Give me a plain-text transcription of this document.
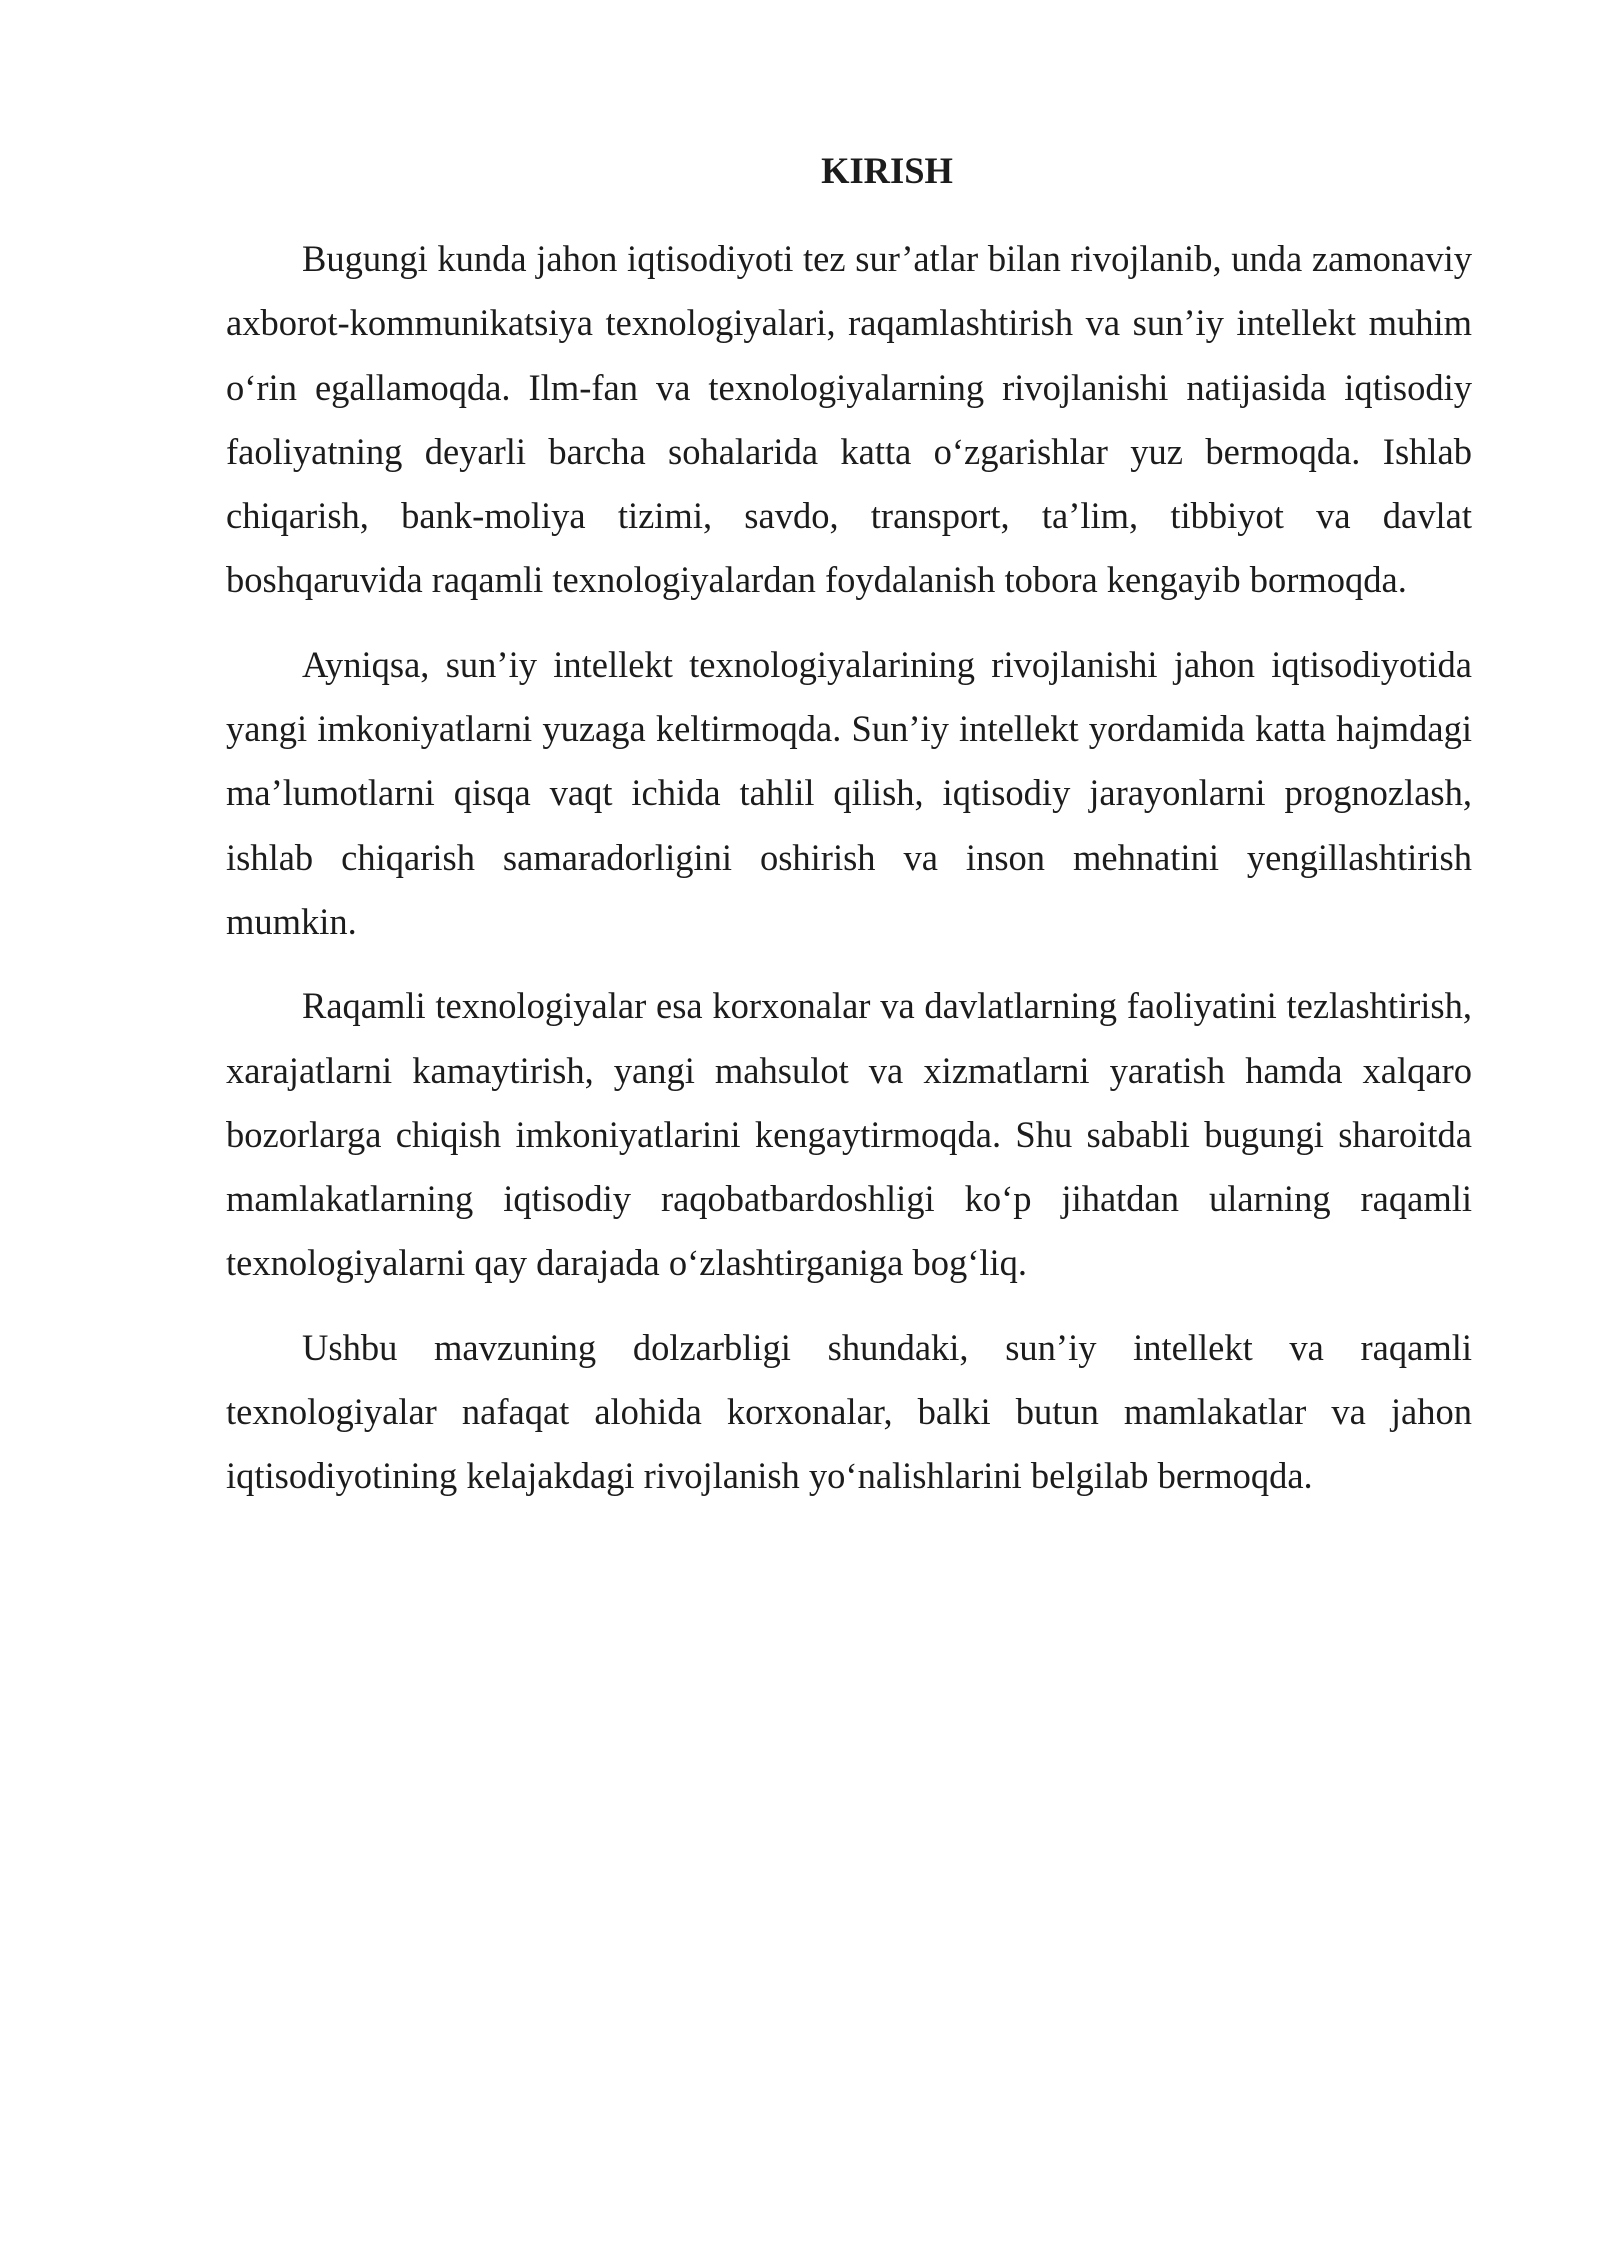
KIRISH

Bugungi kunda jahon iqtisodiyoti tez sur’atlar bilan rivojlanib, unda zamonaviy axborot-kommunikatsiya texnologiyalari, raqamlashtirish va sun’iy intellekt muhim o‘rin egallamoqda. Ilm-fan va texnologiyalarning rivojlanishi natijasida iqtisodiy faoliyatning deyarli barcha sohalarida katta o‘zgarishlar yuz bermoqda. Ishlab chiqarish, bank-moliya tizimi, savdo, transport, ta’lim, tibbiyot va davlat boshqaruvida raqamli texnologiyalardan foydalanish tobora kengayib bormoqda.

Ayniqsa, sun’iy intellekt texnologiyalarining rivojlanishi jahon iqtisodiyotida yangi imkoniyatlarni yuzaga keltirmoqda. Sun’iy intellekt yordamida katta hajmdagi ma’lumotlarni qisqa vaqt ichida tahlil qilish, iqtisodiy jarayonlarni prognozlash, ishlab chiqarish samaradorligini oshirish va inson mehnatini yengillashtirish mumkin.

Raqamli texnologiyalar esa korxonalar va davlatlarning faoliyatini tezlashtirish, xarajatlarni kamaytirish, yangi mahsulot va xizmatlarni yaratish hamda xalqaro bozorlarga chiqish imkoniyatlarini kengaytirmoqda. Shu sababli bugungi sharoitda mamlakatlarning iqtisodiy raqobatbardoshligi ko‘p jihatdan ularning raqamli texnologiyalarni qay darajada o‘zlashtirganiga bog‘liq.

Ushbu mavzuning dolzarbligi shundaki, sun’iy intellekt va raqamli texnologiyalar nafaqat alohida korxonalar, balki butun mamlakatlar va jahon iqtisodiyotining kelajakdagi rivojlanish yo‘nalishlarini belgilab bermoqda.
